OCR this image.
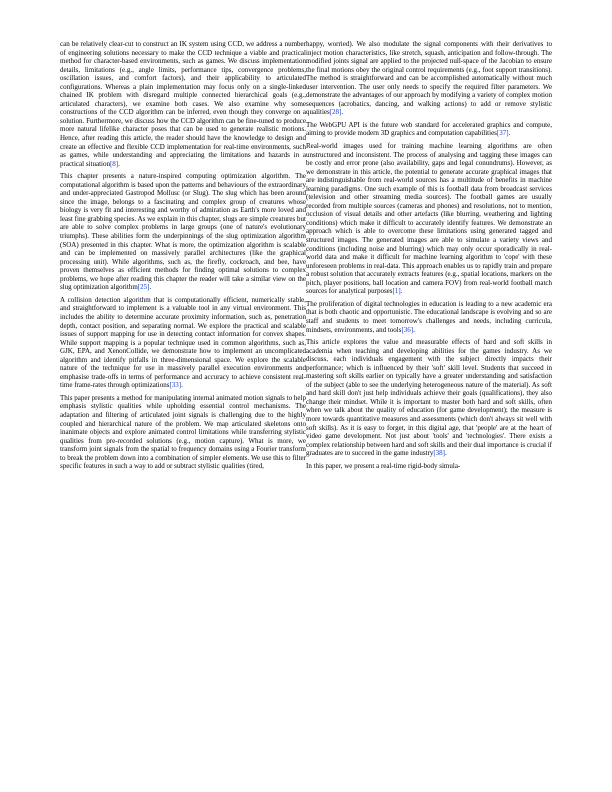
can be relatively clear-cut to construct an IK system using CCD, we address a number of engineering solutions necessary to make the CCD technique a viable and practical method for character-based environments, such as games. We discuss implementation details, limitations (e.g., angle limits, performance tips, convergence problems, oscillation issues, and comfort factors), and their applicability to articulated configurations. Whereas a plain implementation may focus only on a single-linked chained IK problem with disregard multiple connected hierarchical goals (e.g., articulated characters), we examine both cases. We also examine why some constructions of the CCD algorithm can be inferred, even though they converge on a solution. Furthermore, we discuss how the CCD algorithm can be fine-tuned to produce more natural lifelike character poses that can be used to generate realistic motions. Hence, after reading this article, the reader should have the knowledge to design and create an effective and flexible CCD implementation for real-time environments, such as games, while understanding and appreciating the limitations and hazards in a practical situation[8].

This chapter presents a nature-inspired computing optimization algorithm. The computational algorithm is based upon the patterns and behaviours of the extraordinary and under-appreciated Gastropod Mollusc (or Slug). The slug which has been around since the image, belongs to a fascinating and complex group of creatures whose biology is very fit and interesting and worthy of admiration as Earth's more loved and least fine grabbing species. As we explain in this chapter, slugs are simple creatures but are able to solve complex problems in large groups (one of nature's evolutionary triumphs). These abilities form the underpinnings of the slug optimization algorithm (SOA) presented in this chapter. What is more, the optimization algorithm is scalable and can be implemented on massively parallel architectures (like the graphical processing unit). While algorithms, such as, the firefly, cockroach, and bee, have proven themselves as efficient methods for finding optimal solutions to complex problems, we hope after reading this chapter the reader will take a similar view on the slug optimization algorithm[25].

A collision detection algorithm that is computationally efficient, numerically stable, and straightforward to implement is a valuable tool in any virtual environment. This includes the ability to determine accurate proximity information, such as, penetration depth, contact position, and separating normal. We explore the practical and scalable issues of support mapping for use in detecting contact information for convex shapes. While support mapping is a popular technique used in common algorithms, such as, GJK, EPA, and XenonCollide, we demonstrate how to implement an uncomplicated algorithm and identify pitfalls in three-dimensional space. We explore the scalable nature of the technique for use in massively parallel execution environments and emphasise trade-offs in terms of performance and accuracy to achieve consistent real-time frame-rates through optimizations[33].

This paper presents a method for manipulating internal animated motion signals to help emphasis stylistic qualities while upholding essential control mechanisms. The adaptation and filtering of articulated joint signals is challenging due to the highly coupled and hierarchical nature of the problem. We map articulated skeletons onto inanimate objects and explore animated control limitations while transferring stylistic qualities from pre-recorded solutions (e.g., motion capture). What is more, we transform joint signals from the spatial to frequency domains using a Fourier transform to break the problem down into a combination of simpler elements. We use this to filter specific features in such a way to add or subtract stylistic qualities (tired,

happy, worried). We also modulate the signal components with their derivatives to inject motion characteristics, like stretch, squash, anticipation and follow-through. The modified joints signal are applied to the projected null-space of the Jacobian to ensure the final motions obey the original control requirements (e.g., foot support transitions). The method is straightforward and can be accomplished automatically without much user intervention. The user only needs to specify the required filter parameters. We demonstrate the advantages of our approach by modifying a variety of complex motion sequences (acrobatics, dancing, and walking actions) to add or remove stylistic qualities[28].

The WebGPU API is the future web standard for accelerated graphics and compute, aiming to provide modern 3D graphics and computation capabilities[37].

Real-world images used for training machine learning algorithms are often unstructured and inconsistent. The process of analysing and tagging these images can be costly and error prone (also availability, gaps and legal conundrums). However, as we demonstrate in this article, the potential to generate accurate graphical images that are indistinguishable from real-world sources has a multitude of benefits in machine learning paradigms. One such example of this is football data from broadcast services (television and other streaming media sources). The football games are usually recorded from multiple sources (cameras and phones) and resolutions, not to mention, occlusion of visual details and other artefacts (like blurring, weathering and lighting conditions) which make it difficult to accurately identify features. We demonstrate an approach which is able to overcome these limitations using generated tagged and structured images. The generated images are able to simulate a variety views and conditions (including noise and blurring) which may only occur sporadically in real-world data and make it difficult for machine learning algorithm to 'cope' with these unforeseen problems in real-data. This approach enables us to rapidly train and prepare a robust solution that accurately extracts features (e.g., spatial locations, markers on the pitch, player positions, ball location and camera FOV) from real-world football match sources for analytical purposes[1].

The proliferation of digital technologies in education is leading to a new academic era that is both chaotic and opportunistic. The educational landscape is evolving and so are staff and students to meet tomorrow's challenges and needs, including curricula, mindsets, environments, and tools[36].

This article explores the value and measurable effects of hard and soft skills in academia when teaching and developing abilities for the games industry. As we discuss, each individuals engagement with the subject directly impacts their performance; which is influenced by their 'soft' skill level. Students that succeed in mastering soft skills earlier on typically have a greater understanding and satisfaction of the subject (able to see the underlying heterogeneous nature of the material). As soft and hard skill don't just help individuals achieve their goals (qualifications), they also change their mindset. While it is important to master both hard and soft skills, often when we talk about the quality of education (for game development); the measure is more towards quantitative measures and assessments (which don't always sit well with soft skills). As it is easy to forget, in this digital age, that 'people' are at the heart of video game development. Not just about 'tools' and 'technologies'. There exists a complex relationship between hard and soft skills and their dual importance is crucial if graduates are to succeed in the game industry[38].

In this paper, we present a real-time rigid-body simula-
